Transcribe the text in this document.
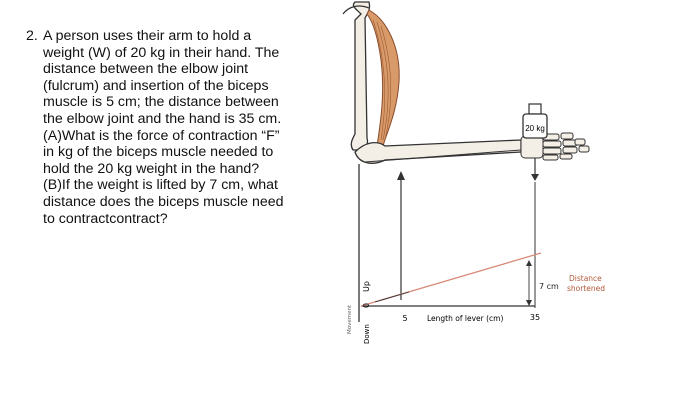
2. A person uses their arm to hold a
weight (W) of 20 kg in their hand. The
distance between the elbow joint
(fulcrum) and insertion of the biceps
muscle is 5 cm; the distance between
the elbow joint and the hand is 35 cm.
(A)What is the force of contraction “F”
in kg of the biceps muscle needed to
hold the 20 kg weight in the hand?
(B)If the weight is lifted by 7 cm, what
distance does the biceps muscle need
to contractcontract?
20 kg
7 cm
Distance
shortened
5	35
Length of lever (cm)
Movement
Up
0
Down
